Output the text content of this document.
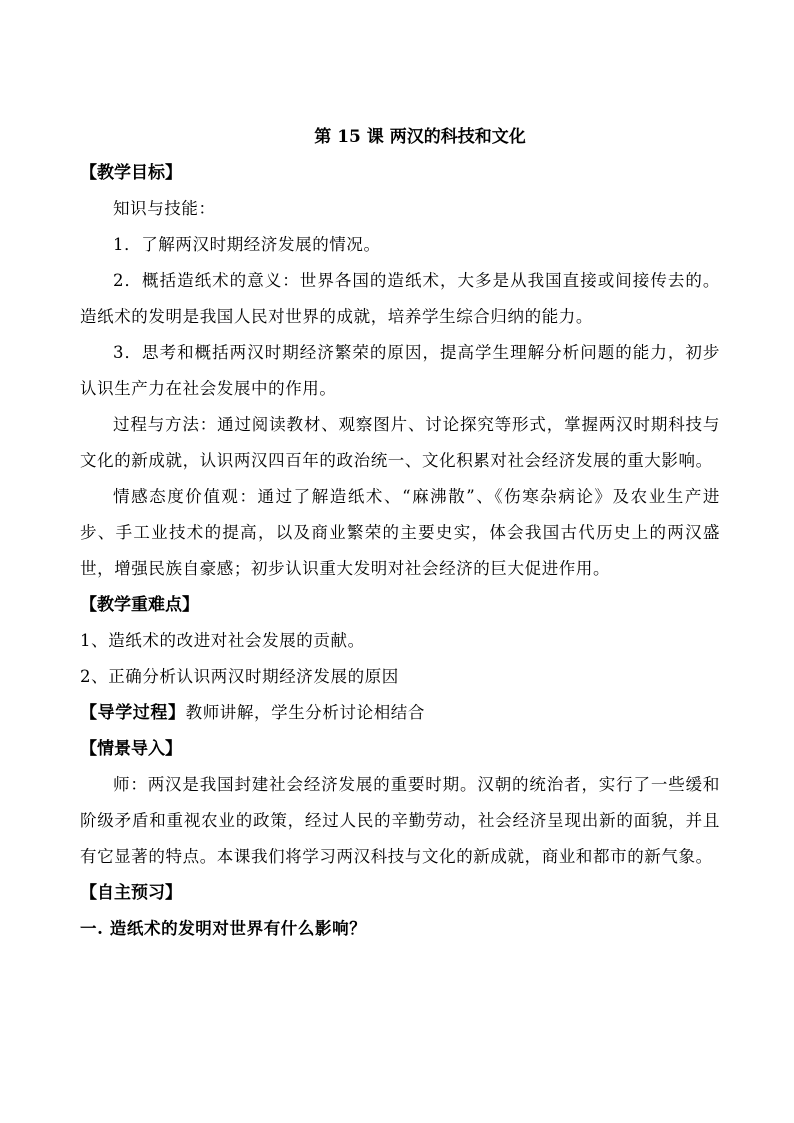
第 15 课 两汉的科技和文化

【教学目标】

知识与技能：

1．了解两汉时期经济发展的情况。

2．概括造纸术的意义：世界各国的造纸术，大多是从我国直接或间接传去的。造纸术的发明是我国人民对世界的成就，培养学生综合归纳的能力。

3．思考和概括两汉时期经济繁荣的原因，提高学生理解分析问题的能力，初步认识生产力在社会发展中的作用。

过程与方法：通过阅读教材、观察图片、讨论探究等形式，掌握两汉时期科技与文化的新成就，认识两汉四百年的政治统一、文化积累对社会经济发展的重大影响。

情感态度价值观：通过了解造纸术、“麻沸散”、《伤寒杂病论》及农业生产进步、手工业技术的提高，以及商业繁荣的主要史实，体会我国古代历史上的两汉盛世，增强民族自豪感；初步认识重大发明对社会经济的巨大促进作用。

【教学重难点】

1、造纸术的改进对社会发展的贡献。

2、正确分析认识两汉时期经济发展的原因

【导学过程】教师讲解，学生分析讨论相结合

【情景导入】

师：两汉是我国封建社会经济发展的重要时期。汉朝的统治者，实行了一些缓和阶级矛盾和重视农业的政策，经过人民的辛勤劳动，社会经济呈现出新的面貌，并且有它显著的特点。本课我们将学习两汉科技与文化的新成就，商业和都市的新气象。

【自主预习】

一. 造纸术的发明对世界有什么影响？
